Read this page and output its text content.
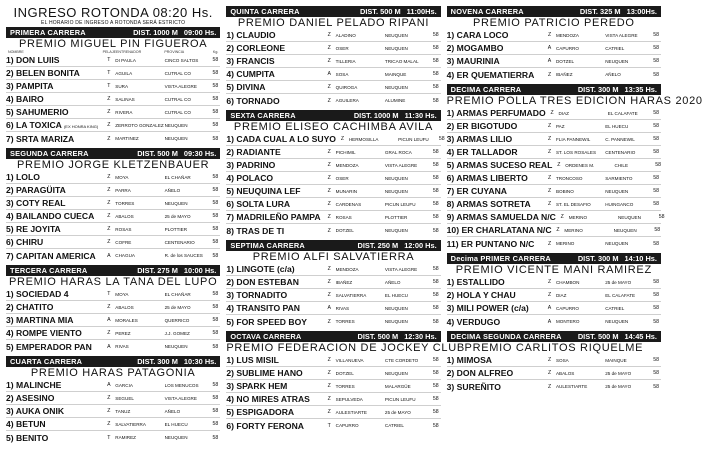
INGRESO ROTONDA 08:20 Hs.
EL HORARIO DE INGRESO A ROTONDA SERÁ ESTRICTO
PRIMERA CARRERA	DIST. 1000 M 09:00 Hs.
PREMIO MIGUEL PIN FIGUEROA
NOMBRE	PELAJE ENTRENADOR	PROVINCIA	Kg.
1) DON LUIIS	T	DI PAULA	CINCO SALTOS	58
2) BELEN BONITA	T	AGUILA	CUTRAL CO	58
3) PAMPITA	T	SURA	VISTA ALEGRE	58
4) BAIRO	Z	SALINAS	CUTRAL CO	58
5) SAHUMERIO	Z	RIVERA	CUTRAL CO	58
6) LA TOXICA (EX HONRA KING)	Z	ZERROTO GONZALEZ NEUQUEN	58
7) SRTA MARIZA	Z	MARTINEZ	NEUQUEN	58
SEGUNDA CARRERA	DIST. 500 M 09:30 Hs.
PREMIO JORGE KLETZENBAUER
1) LOLO	Z	MOYA	EL CHAÑAR	58
2) PARAGÜITA	Z	PARRA	AÑELO	58
3) COTY REAL	Z	TORRES	NEUQUEN	58
4) BAILANDO CUECA	Z	ABALOS	25 de MAYO	58
5) RE JOYITA	Z	ROSAS	PLOTTIER	58
6) CHIRU	Z	COFRE	CENTENARIO	58
7) CAPITAN AMERICA	A	CHAGUA	R. de los SAUCES	58
TERCERA CARRERA	DIST. 275 M 10:00 Hs.
PREMIO HARAS LA TANA DEL LUPO
1) SOCIEDAD 4	T	MOYA	EL CHAÑAR	58
2) CHATITO	Z	ABALOS	25 de MAYO	58
3) MARTINA MIA	A	MORALES	QUERRICO	58
4) ROMPE VIENTO	Z	PEREZ	J.J. GOMEZ	58
5) EMPERADOR PAN	A	RIVAS	NEUQUEN	58
CUARTA CARRERA	DIST. 300 M 10:30 Hs.
PREMIO HARAS PATAGONIA
1) MALINCHE	A	GARCIA	LOS MENUCOS	58
2) ASESINO	Z	SEGUEL	VISTA ALEGRE	58
3) AUKA ONIK	Z	TANUZ	AÑELO	58
4) BETUN	Z	SALVATIERRA	EL HUECU	58
5) BENITO	T	RAMIREZ	NEUQUEN	58
QUINTA CARRERA	DIST. 500 M 11:00Hs.
PREMIO DANIEL PELADO RIPANI
1) CLAUDIO	Z	ALADINO	NEUQUEN	58
2) CORLEONE	Z	OSER	NEUQUEN	58
3) FRANCIS	Z	TILLERIA	TRICAO MALAL	58
4) CUMPITA	A	SOSA	MAINQUE	58
5) DIVINA	Z	QUIROGA	NEUQUEN	58
6) TORNADO	Z	AGUILERA	ALUMINE	58
SEXTA CARRERA	DIST. 1000 M 11:30 Hs.
PREMIO ELISEO CACHIMBA AVILA
1) CADA CUAL A LO SUYO Z	HERMOSILLA	PICUN LEUFU	58
2) RADIANTE	Z	PICHIMIL	GRAL ROCA	58
3) PADRINO	Z	MENDOZA	VISTA ALEGRE	58
4) POLACO	Z	OSER	NEUQUEN	58
5) NEUQUINA LEF	Z	MUNARIN	NEUQUEN	58
6) SOLTA LURA	Z	CARDENAS	PICUN LEUFU	58
7) MADRILEÑO PAMPA	Z	ROSAS	PLOTTIER	58
8) TRAS DE TI	Z	DOTZEL	NEUQUEN	58
SEPTIMA CARRERA	DIST. 250 M 12:00 Hs.
PREMIO ALFI SALVATIERRA
1) LINGOTE (c/a)	Z	MENDOZA	VISTA ALEGRE	58
2) DON ESTEBAN	Z	IBAÑEZ	AÑELO	58
3) TORNADITO	Z	SALVATIERRA	EL HUECU	58
4) TRANSITO PAN	A	RIVAS	NEUQUEN	58
5) FOR SPEED BOY	Z	TORRES	NEUQUEN	58
OCTAVA CARRERA	DIST. 500 M 12:30 Hs.
PREMIO FEDERACION DE JOCKEY CLUB
1) LUS MISIL	Z	VILLANUEVA	CTE CORDETO	58
2) SUBLIME HANO	Z	DOTZEL	NEUQUEN	58
3) SPARK HEM	Z	TORRES	MALARGÜE	58
4) NO MIRES ATRAS	Z	SEPULVEDA	PICUN LEUFU	58
5) ESPIGADORA	Z	AULESTIARTE	25 de MAYO	58
6) FORTY FERONA	T	CAPURRO	CATRIEL	58
NOVENA CARRERA	DIST. 325 M 13:00Hs.
PREMIO PATRICIO PEREDO
1) CARA LOCO	Z	MENDOZA	VISTA ALEGRE	58
2) MOGAMBO	A	CAPURRO	CATRIEL	58
3) MAURINIA	A	DOTZEL	NEUQUEN	58
4) ER QUEMATIERRA	Z	IBAÑEZ	AÑELO	58
DECIMA CARRERA	DIST. 300 M 13:35 Hs.
PREMIO POLLA TRES EDICION HARAS 2020
1) ARMAS PERFUMADO Z	DIAZ	EL CALAFATE	58
2) ER BIGOTUDO	Z	PAZ	EL HUECU	58
3) ARMAS LILIO	Z	FLIA PANNEWIL	C. PANNEWIL	58
4) ER TALLADOR	Z	ST. LOS ROSALES	CENTENARIO	58
5) ARMAS SUCESO REAL Z	ORDENES M.	CHILE	58
6) ARMAS LIBERTO	Z	TRONCOSO	SARMIENTO	58
7) ER CUYANA	Z	BOBINO	NEUQUEN	58
8) ARMAS SOTRETA	Z	ST. EL DESAFIO	HUINGANCO	58
9) ARMAS SAMUELDA N/C Z	MERINO	NEUQUEN	58
10) ER CHARLATANA N/C Z	MERINO	NEUQUEN	58
11) ER PUNTANO N/C	Z	MERINO	NEUQUEN	58
Decima PRIMER CARRERA	DIST. 300 M 14:10 Hs.
PREMIO VICENTE MANI RAMIREZ
1) ESTALLIDO	Z	CHAMBON	25 de MAYO	58
2) HOLA Y CHAU	Z	DIAZ	EL CALAFATE	58
3) MILI POWER (c/a)	A	CAPURRO	CATRIEL	58
4) VERDUGO	A	MONTERO	NEUQUEN	58
DECIMA SEGUNDA CARRERA	DIST. 500 M 14:45 Hs.
PREMIO CARLITOS RIQUELME
1) MIMOSA	Z	SOSA	MAINQUE	58
2) DON ALFREO	Z	ABALOS	25 de MAYO	58
3) SUREÑITO	Z	AULESTIARTE	25 de MAYO	58
